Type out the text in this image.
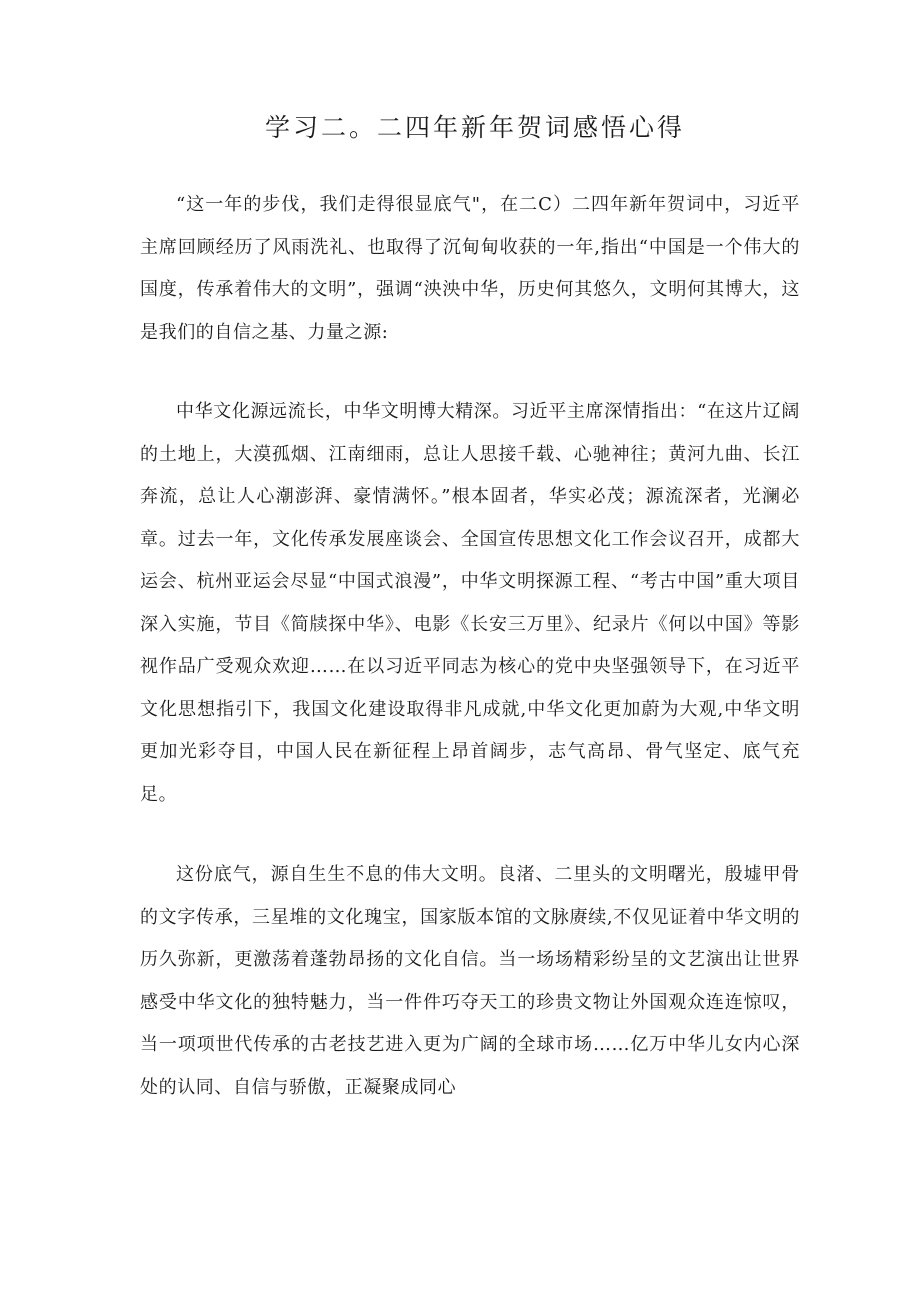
学习二。二四年新年贺词感悟心得

“这一年的步伐，我们走得很显底气"，在二C）二四年新年贺词中，习近平主席回顾经历了风雨洗礼、也取得了沉甸甸收获的一年,指出“中国是一个伟大的国度，传承着伟大的文明”，强调“泱泱中华，历史何其悠久，文明何其博大，这是我们的自信之基、力量之源:

中华文化源远流长，中华文明博大精深。习近平主席深情指出：“在这片辽阔的土地上，大漠孤烟、江南细雨，总让人思接千载、心驰神往；黄河九曲、长江奔流，总让人心潮澎湃、豪情满怀。”根本固者，华实必茂；源流深者，光澜必章。过去一年，文化传承发展座谈会、全国宣传思想文化工作会议召开，成都大运会、杭州亚运会尽显“中国式浪漫”，中华文明探源工程、“考古中国”重大项目深入实施，节目《简牍探中华》、电影《长安三万里》、纪录片《何以中国》等影视作品广受观众欢迎……在以习近平同志为核心的党中央坚强领导下，在习近平文化思想指引下，我国文化建设取得非凡成就,中华文化更加蔚为大观,中华文明更加光彩夺目，中国人民在新征程上昂首阔步，志气高昂、骨气坚定、底气充足。

这份底气，源自生生不息的伟大文明。良渚、二里头的文明曙光，殷墟甲骨的文字传承，三星堆的文化瑰宝，国家版本馆的文脉赓续,不仅见证着中华文明的历久弥新，更激荡着蓬勃昂扬的文化自信。当一场场精彩纷呈的文艺演出让世界感受中华文化的独特魅力，当一件件巧夺天工的珍贵文物让外国观众连连惊叹，当一项项世代传承的古老技艺进入更为广阔的全球市场……亿万中华儿女内心深处的认同、自信与骄傲，正凝聚成同心
